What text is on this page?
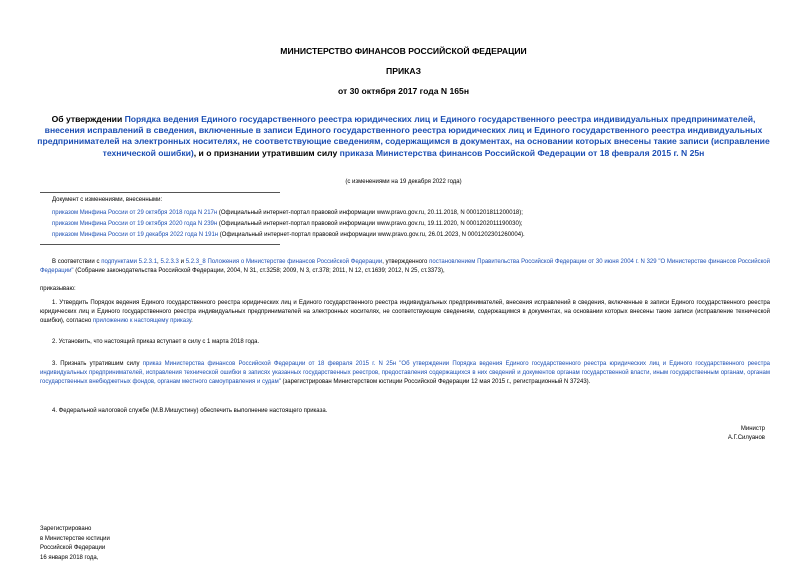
МИНИСТЕРСТВО ФИНАНСОВ РОССИЙСКОЙ ФЕДЕРАЦИИ
ПРИКАЗ
от 30 октября 2017 года N 165н
Об утверждении Порядка ведения Единого государственного реестра юридических лиц и Единого государственного реестра индивидуальных предпринимателей, внесения исправлений в сведения, включенные в записи Единого государственного реестра юридических лиц и Единого государственного реестра индивидуальных предпринимателей на электронных носителях, не соответствующие сведениям, содержащимся в документах, на основании которых внесены такие записи (исправление технической ошибки), и о признании утратившим силу приказа Министерства финансов Российской Федерации от 18 февраля 2015 г. N 25н
(с изменениями на 19 декабря 2022 года)
Документ с изменениями, внесенными:
приказом Минфина России от 29 октября 2018 года N 217н (Официальный интернет-портал правовой информации www.pravo.gov.ru, 20.11.2018, N 0001201811200018);
приказом Минфина России от 19 октября 2020 года N 239н (Официальный интернет-портал правовой информации www.pravo.gov.ru, 19.11.2020, N 0001202011190030);
приказом Минфина России от 19 декабря 2022 года N 191н (Официальный интернет-портал правовой информации www.pravo.gov.ru, 26.01.2023, N 0001202301260004).
В соответствии с подпунктами 5.2.3.1, 5.2.3.3 и 5.2.3_8 Положения о Министерстве финансов Российской Федерации, утвержденного постановлением Правительства Российской Федерации от 30 июня 2004 г. N 329 "О Министерстве финансов Российской Федерации" (Собрание законодательства Российской Федерации, 2004, N 31, ст.3258; 2009, N 3, ст.378; 2011, N 12, ст.1639; 2012, N 25, ст.3373),
приказываю:
1. Утвердить Порядок ведения Единого государственного реестра юридических лиц и Единого государственного реестра индивидуальных предпринимателей, внесения исправлений в сведения, включенные в записи Единого государственного реестра юридических лиц и Единого государственного реестра индивидуальных предпринимателей на электронных носителях, не соответствующие сведениям, содержащимся в документах, на основании которых внесены такие записи (исправление технической ошибки), согласно приложению к настоящему приказу.
2. Установить, что настоящий приказ вступает в силу с 1 марта 2018 года.
3. Признать утратившим силу приказ Министерства финансов Российской Федерации от 18 февраля 2015 г. N 25н "Об утверждении Порядка ведения Единого государственного реестра юридических лиц и Единого государственного реестра индивидуальных предпринимателей, исправления технической ошибки в записях указанных государственных реестров, предоставления содержащихся в них сведений и документов органам государственной власти, иным государственным органам, органам государственных внебюджетных фондов, органам местного самоуправления и судам" (зарегистрирован Министерством юстиции Российской Федерации 12 мая 2015 г., регистрационный N 37243).
4. Федеральной налоговой службе (М.В.Мишустину) обеспечить выполнение настоящего приказа.
Министр
А.Г.Силуанов
Зарегистрировано
в Министерстве юстиции
Российской Федерации
16 января 2018 года,
